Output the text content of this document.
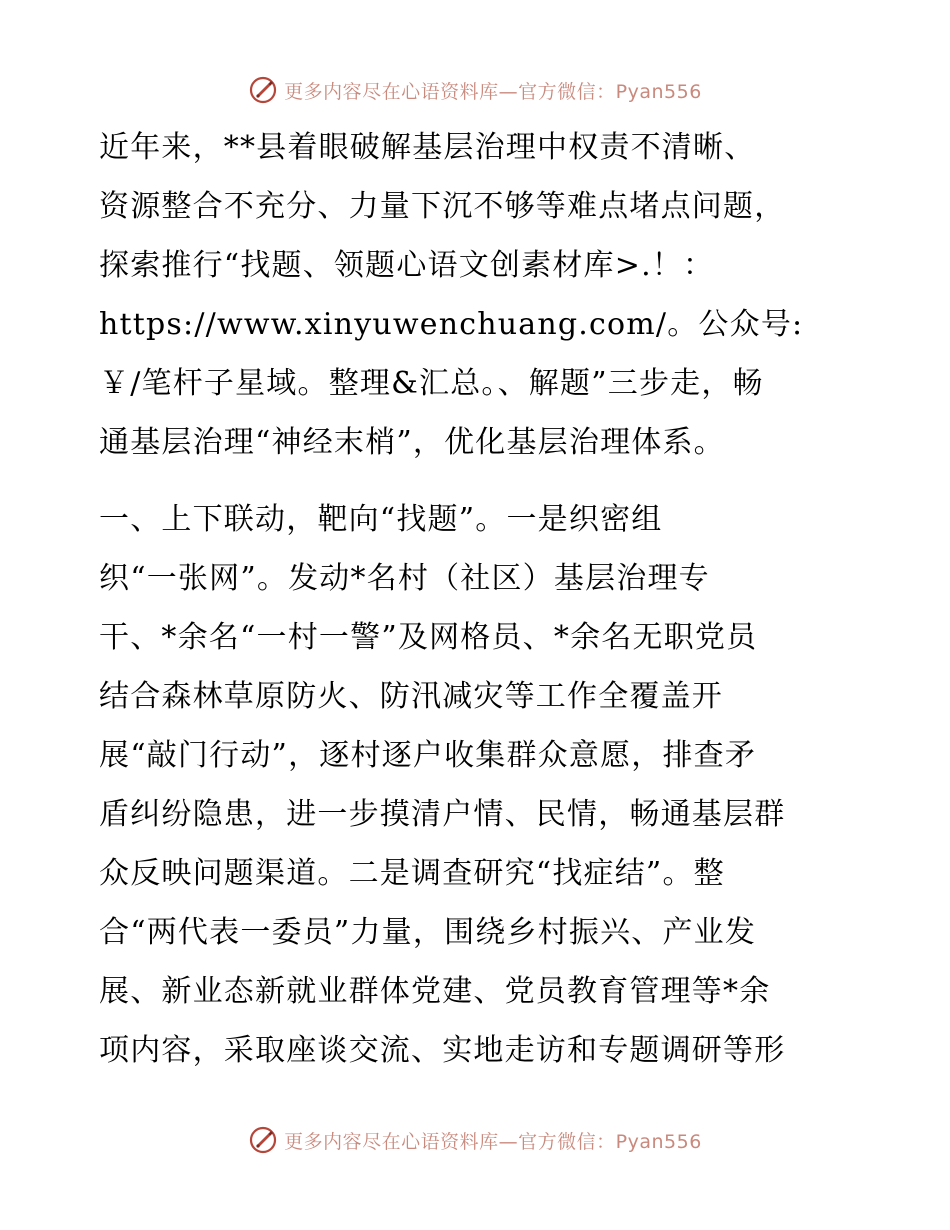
更多内容尽在心语资料库—官方微信：Pyan556
近年来，**县着眼破解基层治理中权责不清晰、
资源整合不充分、力量下沉不够等难点堵点问题，
探索推行“找题、领题心语文创素材库>.！：
https://www.xinyuwenchuang.com/。公众号:
￥/笔杆子星域。整理&汇总。、解题”三步走，畅
通基层治理“神经末梢”，优化基层治理体系。
一、上下联动，靶向“找题”。一是织密组
织“一张网”。发动*名村（社区）基层治理专
干、*余名“一村一警”及网格员、*余名无职党员
结合森林草原防火、防汛减灾等工作全覆盖开
展“敲门行动”，逐村逐户收集群众意愿，排查矛
盾纠纷隐患，进一步摸清户情、民情，畅通基层群
众反映问题渠道。二是调查研究“找症结”。整
合“两代表一委员”力量，围绕乡村振兴、产业发
展、新业态新就业群体党建、党员教育管理等*余
项内容，采取座谈交流、实地走访和专题调研等形
更多内容尽在心语资料库—官方微信：Pyan556
